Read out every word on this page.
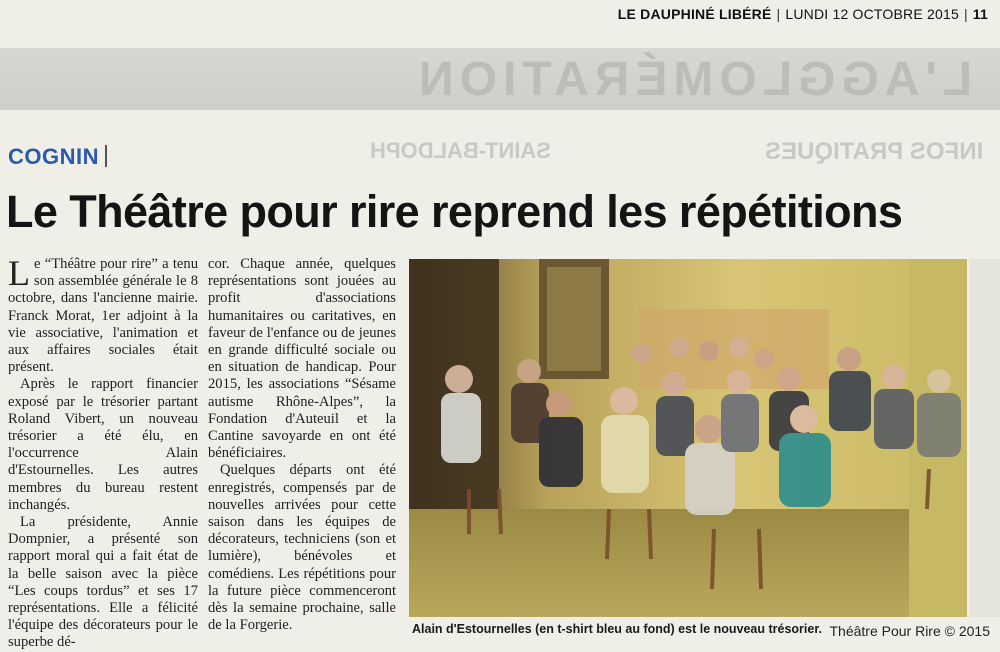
LE DAUPHINÉ LIBÉRÉ | LUNDI 12 OCTOBRE 2015 | 11
L'AGGLOMÉRATION
SAINT-BALDOPH	INFOS PRATIQUES
COGNIN
Le Théâtre pour rire reprend les répétitions

Le “Théâtre pour rire” a tenu son assemblée générale le 8 octobre, dans l'ancienne mairie. Franck Morat, 1er adjoint à la vie associative, l'animation et aux affaires sociales était présent.

Après le rapport financier exposé par le trésorier partant Roland Vibert, un nouveau trésorier a été élu, en l'occurrence Alain d'Estournelles. Les autres membres du bureau restent inchangés.

La présidente, Annie Dompnier, a présenté son rapport moral qui a fait état de la belle saison avec la pièce “Les coups tordus” et ses 17 représentations. Elle a félicité l'équipe des décorateurs pour le superbe dé-

cor. Chaque année, quelques représentations sont jouées au profit d'associations humanitaires ou caritatives, en faveur de l'enfance ou de jeunes en grande difficulté sociale ou en situation de handicap. Pour 2015, les associations “Sésame autisme Rhône-Alpes”, la Fondation d'Auteuil et la Cantine savoyarde en ont été bénéficiaires.

Quelques départs ont été enregistrés, compensés par de nouvelles arrivées pour cette saison dans les équipes de décorateurs, techniciens (son et lumière), bénévoles et comédiens. Les répétitions pour la future pièce commenceront dès la semaine prochaine, salle de la Forgerie.	Alain d'Estournelles (en t-shirt bleu au fond) est le nouveau trésorier. Théâtre Pour Rire © 2015
